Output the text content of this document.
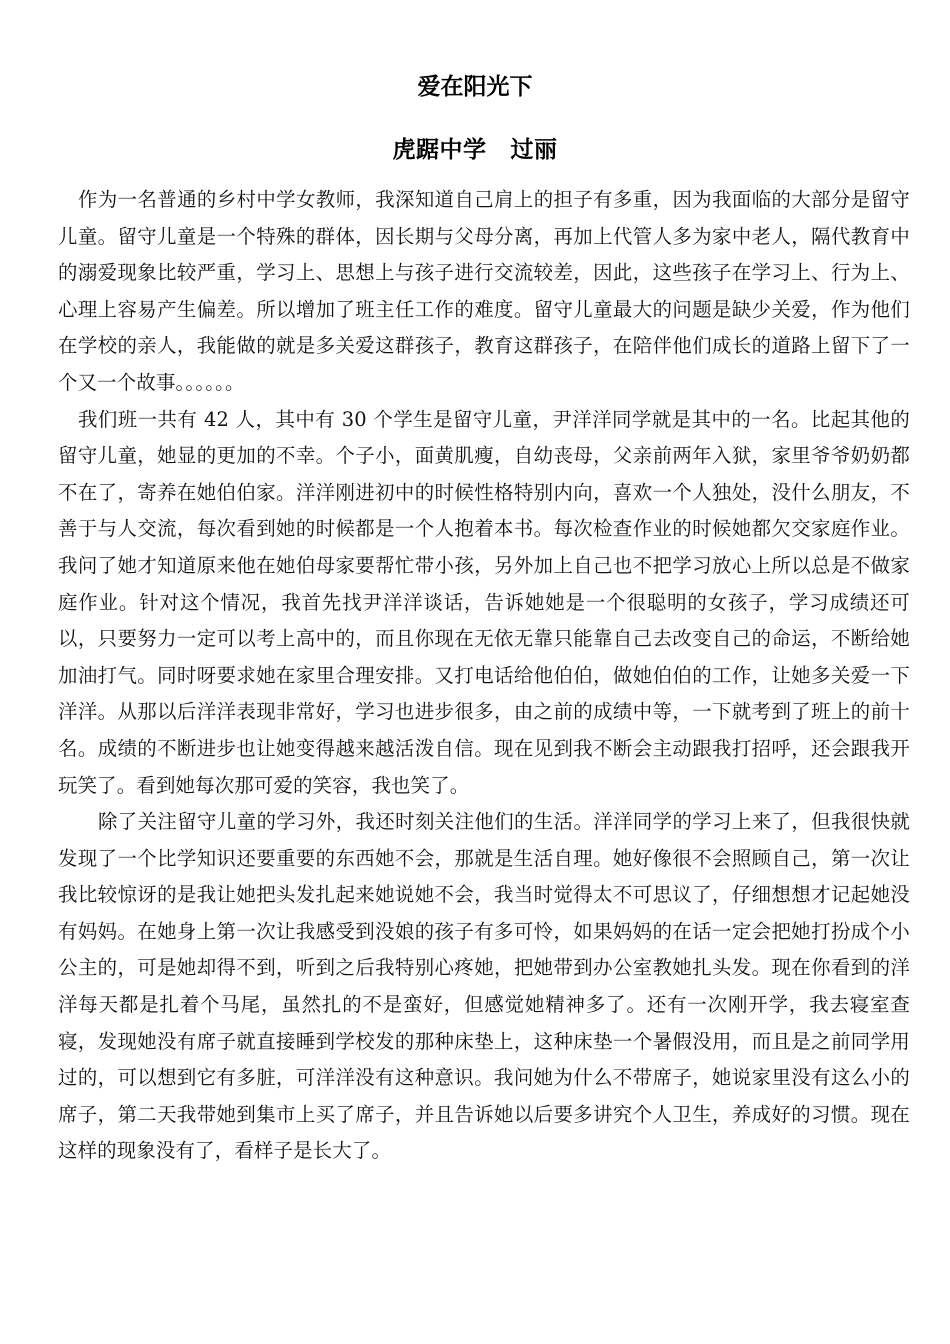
爱在阳光下
虎踞中学 过丽

作为一名普通的乡村中学女教师，我深知道自己肩上的担子有多重，因为我面临的大部分是留守儿童。留守儿童是一个特殊的群体，因长期与父母分离，再加上代管人多为家中老人，隔代教育中的溺爱现象比较严重，学习上、思想上与孩子进行交流较差，因此，这些孩子在学习上、行为上、心理上容易产生偏差。所以增加了班主任工作的难度。留守儿童最大的问题是缺少关爱，作为他们在学校的亲人，我能做的就是多关爱这群孩子，教育这群孩子，在陪伴他们成长的道路上留下了一个又一个故事。。。。。。

我们班一共有 42 人，其中有 30 个学生是留守儿童，尹洋洋同学就是其中的一名。比起其他的留守儿童，她显的更加的不幸。个子小，面黄肌瘦，自幼丧母，父亲前两年入狱，家里爷爷奶奶都不在了，寄养在她伯伯家。洋洋刚进初中的时候性格特别内向，喜欢一个人独处，没什么朋友，不善于与人交流，每次看到她的时候都是一个人抱着本书。每次检查作业的时候她都欠交家庭作业。我问了她才知道原来他在她伯母家要帮忙带小孩，另外加上自己也不把学习放心上所以总是不做家庭作业。针对这个情况，我首先找尹洋洋谈话，告诉她她是一个很聪明的女孩子，学习成绩还可以，只要努力一定可以考上高中的，而且你现在无依无靠只能靠自己去改变自己的命运，不断给她加油打气。同时呀要求她在家里合理安排。又打电话给他伯伯，做她伯伯的工作，让她多关爱一下洋洋。从那以后洋洋表现非常好，学习也进步很多，由之前的成绩中等，一下就考到了班上的前十名。成绩的不断进步也让她变得越来越活泼自信。现在见到我不断会主动跟我打招呼，还会跟我开玩笑了。看到她每次那可爱的笑容，我也笑了。

除了关注留守儿童的学习外，我还时刻关注他们的生活。洋洋同学的学习上来了，但我很快就发现了一个比学知识还要重要的东西她不会，那就是生活自理。她好像很不会照顾自己，第一次让我比较惊讶的是我让她把头发扎起来她说她不会，我当时觉得太不可思议了，仔细想想才记起她没有妈妈。在她身上第一次让我感受到没娘的孩子有多可怜，如果妈妈的在话一定会把她打扮成个小公主的，可是她却得不到，听到之后我特别心疼她，把她带到办公室教她扎头发。现在你看到的洋洋每天都是扎着个马尾，虽然扎的不是蛮好，但感觉她精神多了。还有一次刚开学，我去寝室查寝，发现她没有席子就直接睡到学校发的那种床垫上，这种床垫一个暑假没用，而且是之前同学用过的，可以想到它有多脏，可洋洋没有这种意识。我问她为什么不带席子，她说家里没有这么小的席子，第二天我带她到集市上买了席子，并且告诉她以后要多讲究个人卫生，养成好的习惯。现在这样的现象没有了，看样子是长大了。
